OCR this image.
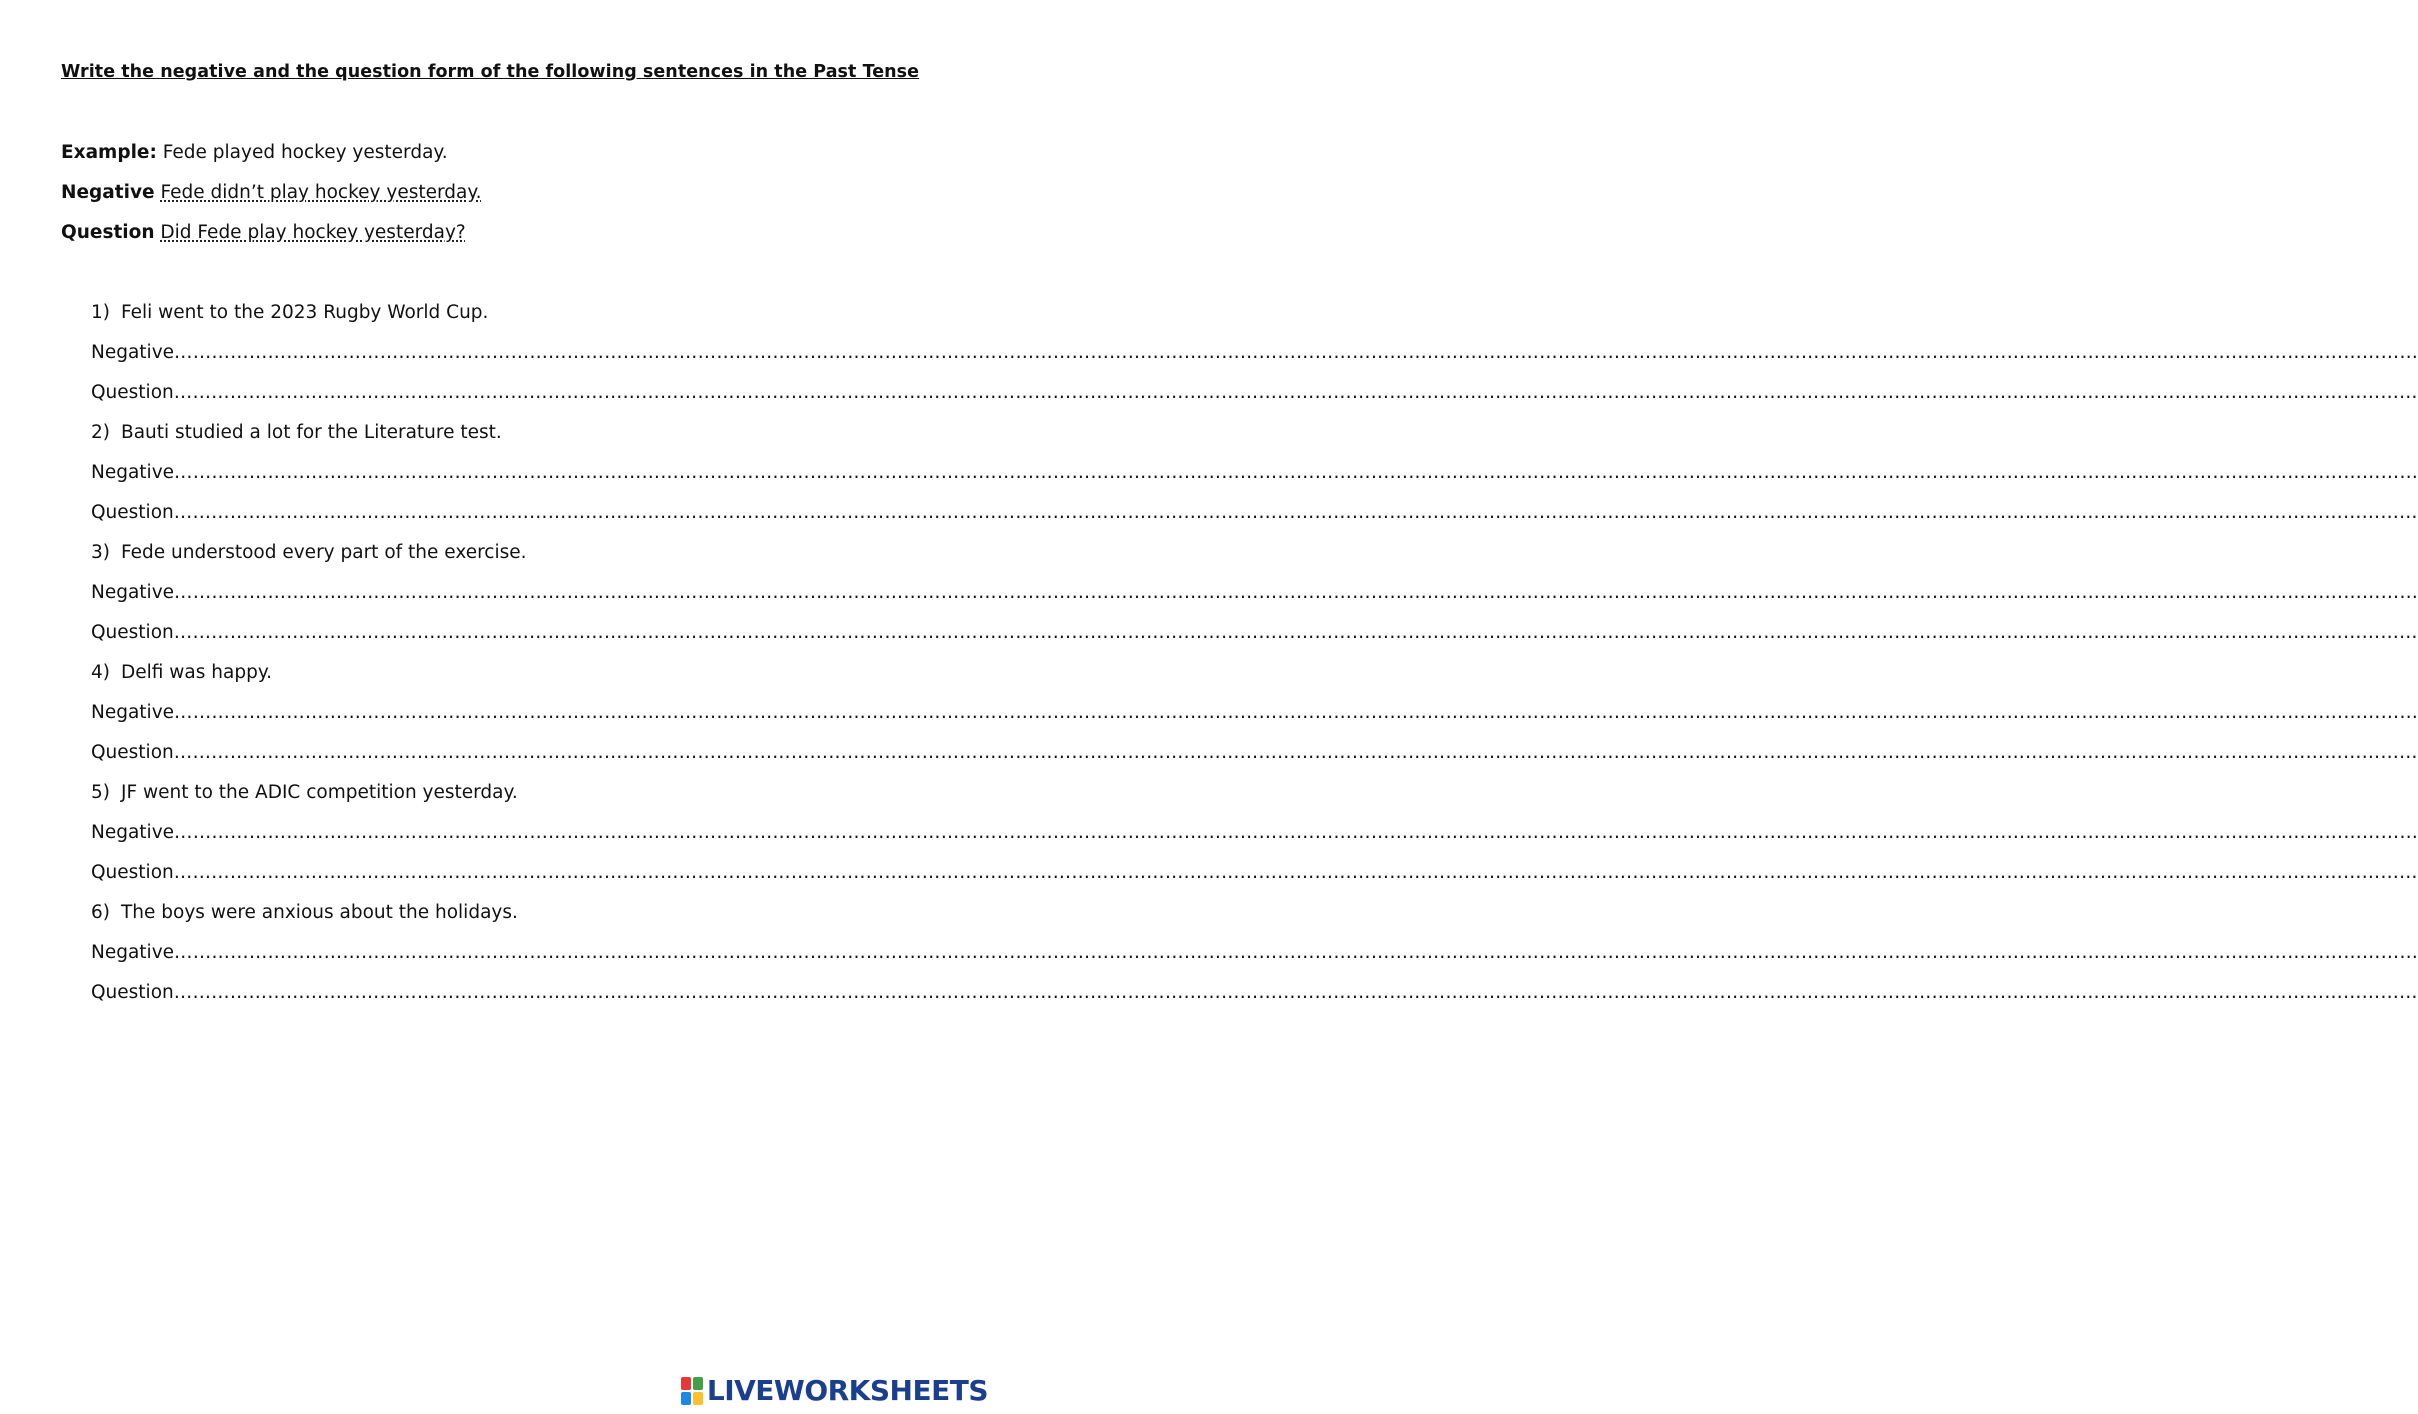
Write the negative and the question form of the following sentences in the Past Tense
Example: Fede played hockey yesterday.
Negative Fede didn’t play hockey yesterday.
Question Did Fede play hockey yesterday?
1) Feli went to the 2023 Rugby World Cup.
Negative………………………………………………………………………………………………………………………………………………………………………………………………………………………………………………………………………………………………………………………………
Question………………………………………………………………………………………………………………………………………………………………………………………………………………………………………………………………………………………………………………………………
2) Bauti studied a lot for the Literature test.
Negative………………………………………………………………………………………………………………………………………………………………………………………………………………………………………………………………………………………………………………………………
Question………………………………………………………………………………………………………………………………………………………………………………………………………………………………………………………………………………………………………………………………
3) Fede understood every part of the exercise.
Negative………………………………………………………………………………………………………………………………………………………………………………………………………………………………………………………………………………………………………………………………
Question………………………………………………………………………………………………………………………………………………………………………………………………………………………………………………………………………………………………………………………………
4) Delfi was happy.
Negative………………………………………………………………………………………………………………………………………………………………………………………………………………………………………………………………………………………………………………………………
Question………………………………………………………………………………………………………………………………………………………………………………………………………………………………………………………………………………………………………………………………
5) JF went to the ADIC competition yesterday.
Negative………………………………………………………………………………………………………………………………………………………………………………………………………………………………………………………………………………………………………………………………
Question………………………………………………………………………………………………………………………………………………………………………………………………………………………………………………………………………………………………………………………………
6) The boys were anxious about the holidays.
Negative………………………………………………………………………………………………………………………………………………………………………………………………………………………………………………………………………………………………………………………………
Question………………………………………………………………………………………………………………………………………………………………………………………………………………………………………………………………………………………………………………………………
LIVEWORKSHEETS
